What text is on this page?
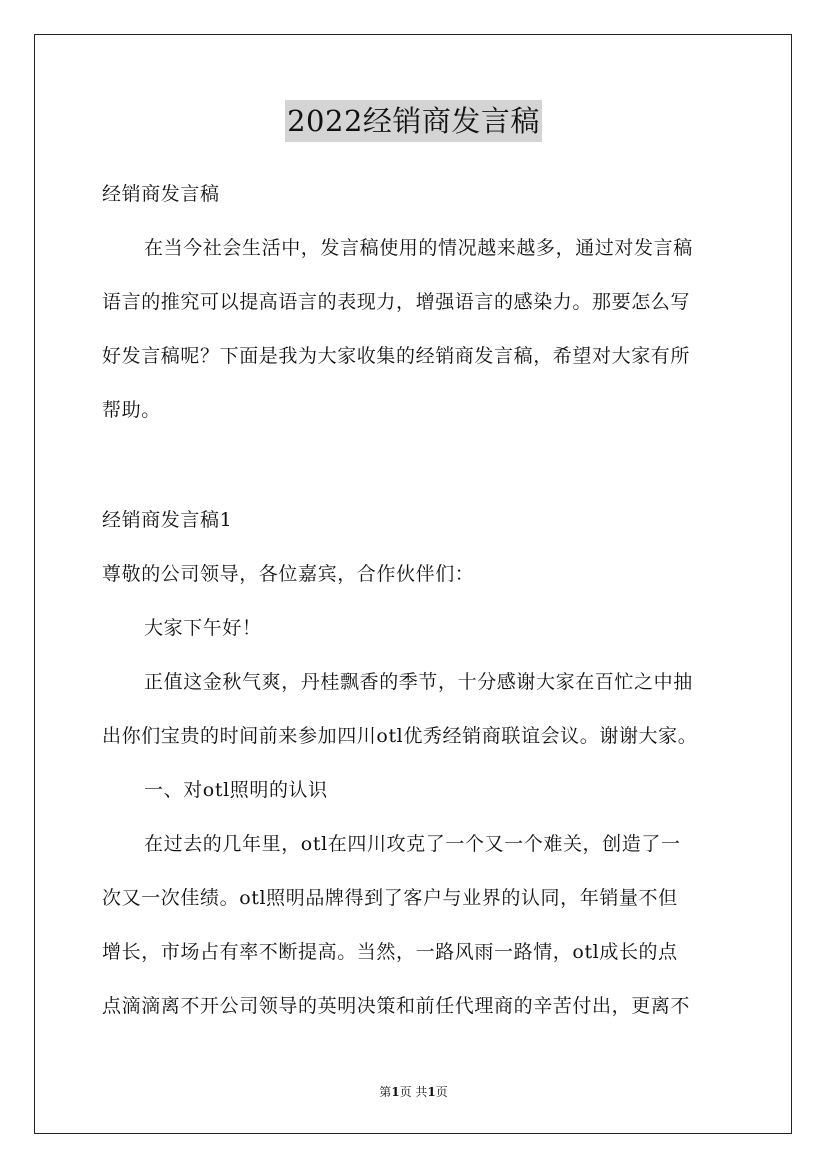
2022经销商发言稿
经销商发言稿
在当今社会生活中，发言稿使用的情况越来越多，通过对发言稿
语言的推究可以提高语言的表现力，增强语言的感染力。那要怎么写
好发言稿呢？下面是我为大家收集的经销商发言稿，希望对大家有所
帮助。
经销商发言稿1
尊敬的公司领导，各位嘉宾，合作伙伴们：
大家下午好！
正值这金秋气爽，丹桂飘香的季节，十分感谢大家在百忙之中抽
出你们宝贵的时间前来参加四川otl优秀经销商联谊会议。谢谢大家。
一、对otl照明的认识
在过去的几年里，otl在四川攻克了一个又一个难关，创造了一
次又一次佳绩。otl照明品牌得到了客户与业界的认同，年销量不但
增长，市场占有率不断提高。当然，一路风雨一路情，otl成长的点
点滴滴离不开公司领导的英明决策和前任代理商的辛苦付出，更离不
第1页 共1页
